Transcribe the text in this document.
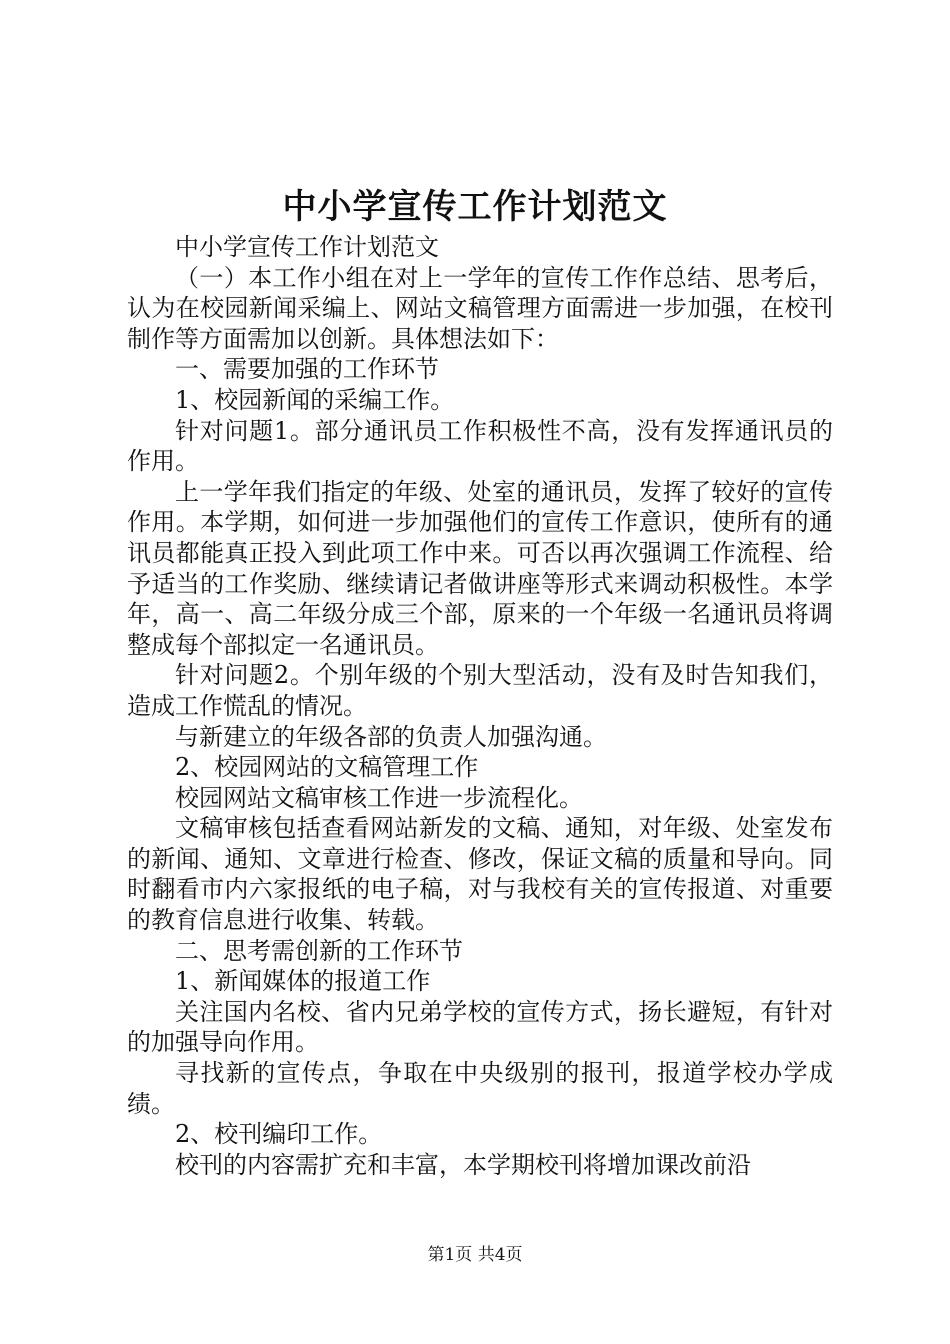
中小学宣传工作计划范文

中小学宣传工作计划范文

（一）本工作小组在对上一学年的宣传工作作总结、思考后，认为在校园新闻采编上、网站文稿管理方面需进一步加强，在校刊制作等方面需加以创新。具体想法如下：

一、需要加强的工作环节

1、校园新闻的采编工作。

针对问题1。部分通讯员工作积极性不高，没有发挥通讯员的作用。

上一学年我们指定的年级、处室的通讯员，发挥了较好的宣传作用。本学期，如何进一步加强他们的宣传工作意识，使所有的通讯员都能真正投入到此项工作中来。可否以再次强调工作流程、给予适当的工作奖励、继续请记者做讲座等形式来调动积极性。本学年，高一、高二年级分成三个部，原来的一个年级一名通讯员将调整成每个部拟定一名通讯员。

针对问题2。个别年级的个别大型活动，没有及时告知我们，造成工作慌乱的情况。

与新建立的年级各部的负责人加强沟通。

2、校园网站的文稿管理工作

校园网站文稿审核工作进一步流程化。

文稿审核包括查看网站新发的文稿、通知，对年级、处室发布的新闻、通知、文章进行检查、修改，保证文稿的质量和导向。同时翻看市内六家报纸的电子稿，对与我校有关的宣传报道、对重要的教育信息进行收集、转载。

二、思考需创新的工作环节

1、新闻媒体的报道工作

关注国内名校、省内兄弟学校的宣传方式，扬长避短，有针对的加强导向作用。

寻找新的宣传点，争取在中央级别的报刊，报道学校办学成绩。

2、校刊编印工作。

校刊的内容需扩充和丰富，本学期校刊将增加课改前沿

第1页 共4页
